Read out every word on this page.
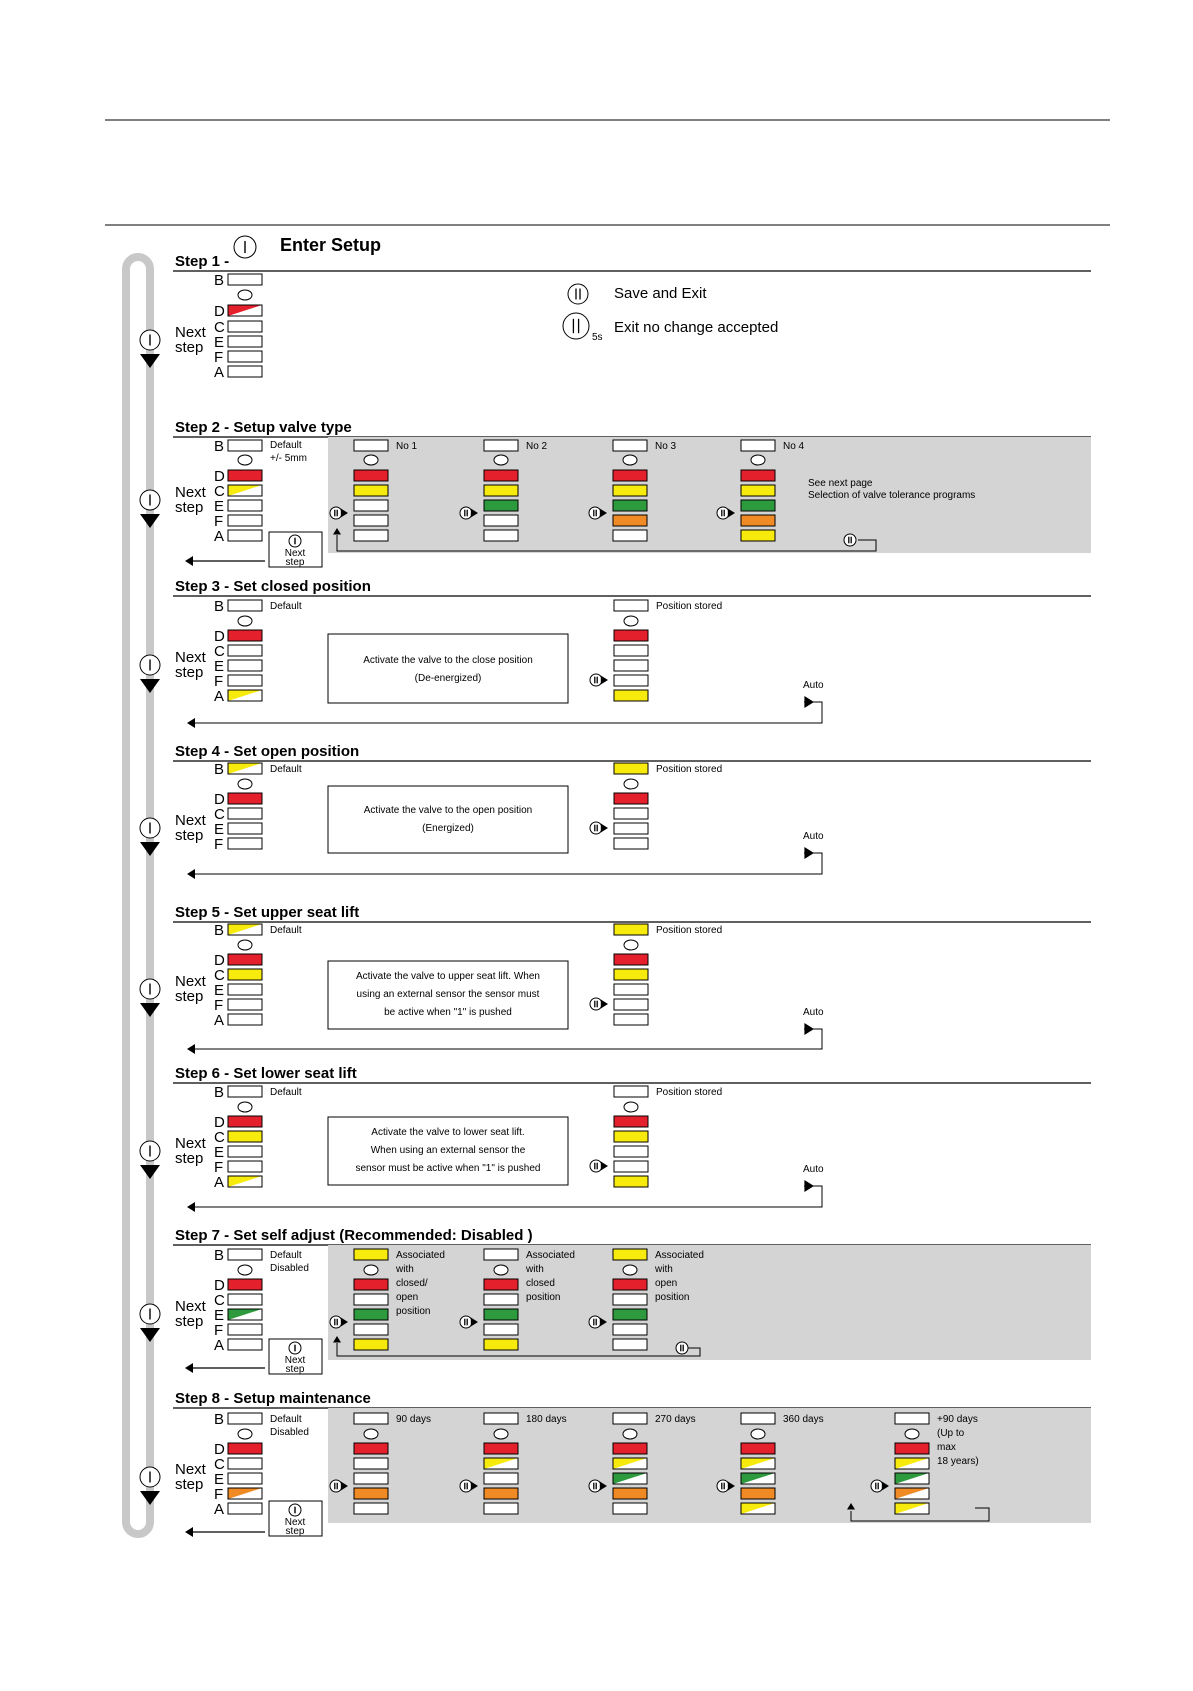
Save and Exit
5s
Exit no change accepted
Step 1 -
Enter Setup
B
D
C
E
F
A
Next
step
Step 2 - Setup valve type
B
D
C
E
F
A
Default
+/- 5mm
Next
step
Next
step
No 1	No 2	No 3	No 4
See next page
Selection of valve tolerance programs
Step 3 - Set closed position
B
D
C
E
F
A
Default
Activate the valve to the close position
(De-energized)
Position stored
Auto
Next
step
Step 4 - Set open position
B
D
C
E
F
Default
Activate the valve to the open position
(Energized)
Position stored
Auto
Next
step
Step 5 - Set upper seat lift
B
D
C
E
F
A
Default
Activate the valve to upper seat lift. When
using an external sensor the sensor must
be active when "1" is pushed
Position stored
Auto
Next
step
Step 6 - Set lower seat lift
B
D
C
E
F
A
Default
Activate the valve to lower seat lift.
When using an external sensor the
sensor must be active when "1" is pushed
Position stored
Auto
Next
step
Step 7 - Set self adjust (Recommended: Disabled )
B
D
C
E
F
A
Default
Disabled
Next
step
Next
step
Associated
with
closed/
open
position
Associated
with
closed
position
Associated
with
open
position
Step 8 - Setup maintenance
B
D
C
E
F
A
Default
Disabled
Next
step
Next
step
90 days	180 days	270 days	360 days	+90 days
(Up to
max
18 years)
